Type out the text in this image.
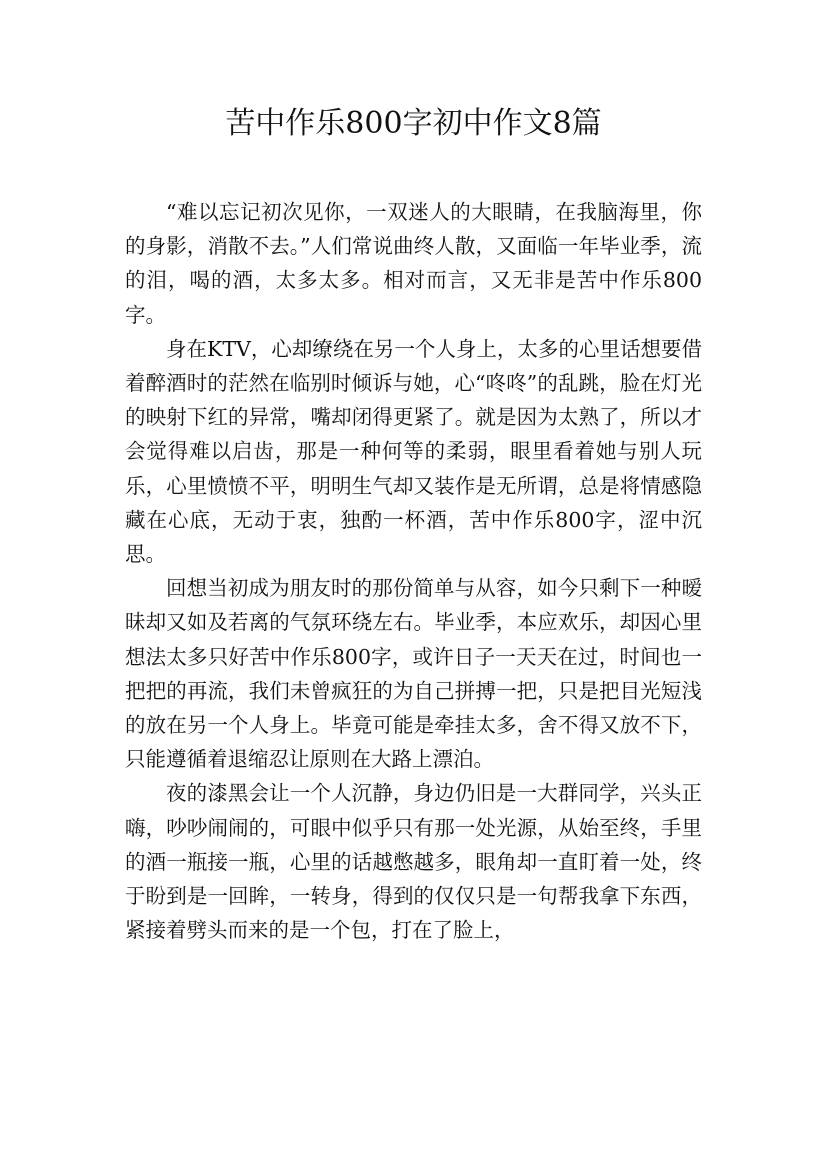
苦中作乐800字初中作文8篇

“难以忘记初次见你，一双迷人的大眼睛，在我脑海里，你的身影，消散不去。”人们常说曲终人散，又面临一年毕业季，流的泪，喝的酒，太多太多。相对而言，又无非是苦中作乐800字。

身在KTV，心却缭绕在另一个人身上，太多的心里话想要借着醉酒时的茫然在临别时倾诉与她，心“咚咚”的乱跳，脸在灯光的映射下红的异常，嘴却闭得更紧了。就是因为太熟了，所以才会觉得难以启齿，那是一种何等的柔弱，眼里看着她与别人玩乐，心里愤愤不平，明明生气却又装作是无所谓，总是将情感隐藏在心底，无动于衷，独酌一杯酒，苦中作乐800字，涩中沉思。

回想当初成为朋友时的那份简单与从容，如今只剩下一种暧昧却又如及若离的气氛环绕左右。毕业季，本应欢乐，却因心里想法太多只好苦中作乐800字，或许日子一天天在过，时间也一把把的再流，我们未曾疯狂的为自己拼搏一把，只是把目光短浅的放在另一个人身上。毕竟可能是牵挂太多，舍不得又放不下，只能遵循着退缩忍让原则在大路上漂泊。

夜的漆黑会让一个人沉静，身边仍旧是一大群同学，兴头正嗨，吵吵闹闹的，可眼中似乎只有那一处光源，从始至终，手里的酒一瓶接一瓶，心里的话越憋越多，眼角却一直盯着一处，终于盼到是一回眸，一转身，得到的仅仅只是一句帮我拿下东西，紧接着劈头而来的是一个包，打在了脸上，
